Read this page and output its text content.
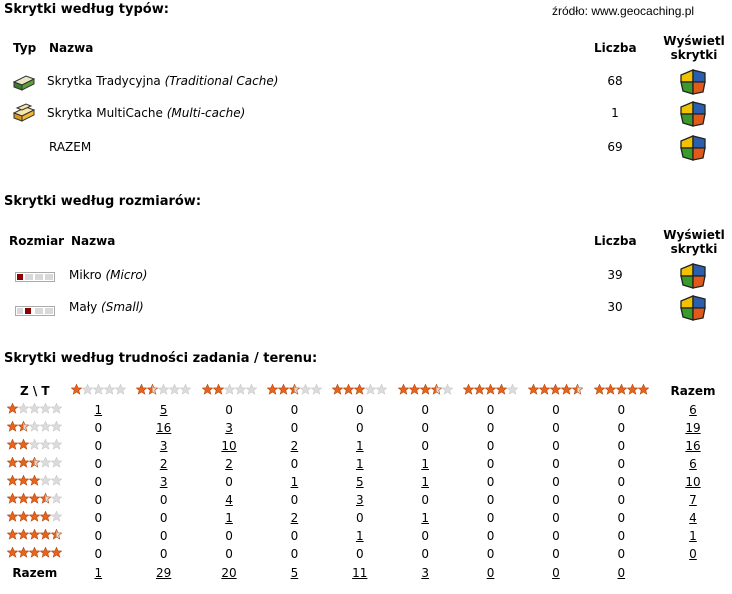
źródło: www.geocaching.pl
Skrytki według typów:
Typ Nazwa	Liczba Wyświetl
skrytki
Skrytka Tradycyjna (Traditional Cache)	68
Skrytka MultiCache (Multi-cache)	1
RAZEM	69
Skrytki według rozmiarów:
Rozmiar Nazwa	Liczba Wyświetl
skrytki
Mikro (Micro)	39
Mały (Small)	30
Skrytki według trudności zadania / terenu:
Z \ T										Razem

	1	5	0	0	0	0	0	0	0	6

	0	16	3	0	0	0	0	0	0	19

	0	3	10	2	1	0	0	0	0	16

	0	2	2	0	1	1	0	0	0	6

	0	3	0	1	5	1	0	0	0	10

	0	0	4	0	3	0	0	0	0	7

	0	0	1	2	0	1	0	0	0	4

	0	0	0	0	1	0	0	0	0	1

	0	0	0	0	0	0	0	0	0	0
Razem	1	29	20	5	11	3	0	0	0	
